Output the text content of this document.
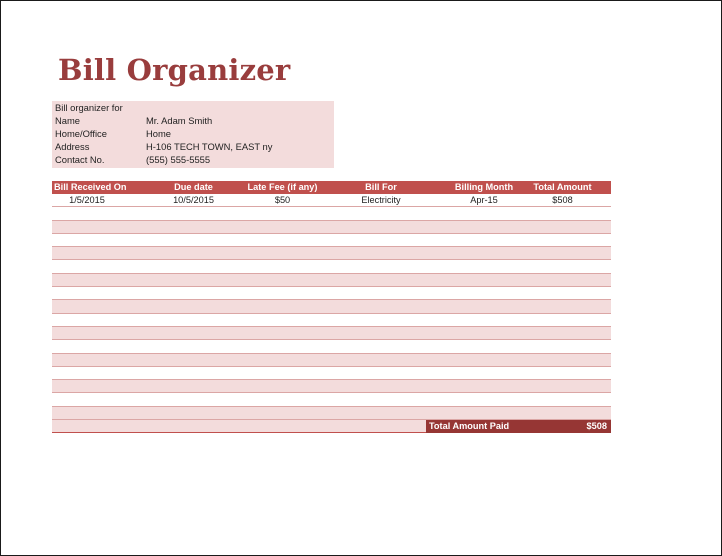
Bill Organizer
Bill organizer for
Name	Mr. Adam Smith
Home/Office	Home
Address	H-106 TECH TOWN, EAST ny
Contact No.	(555) 555-5555
Bill Received On	Due date	Late Fee (if any)	Bill For	Billing Month	Total Amount
1/5/2015	10/5/2015	$50	Electricity	Apr-15	$508
Total Amount Paid	$508
